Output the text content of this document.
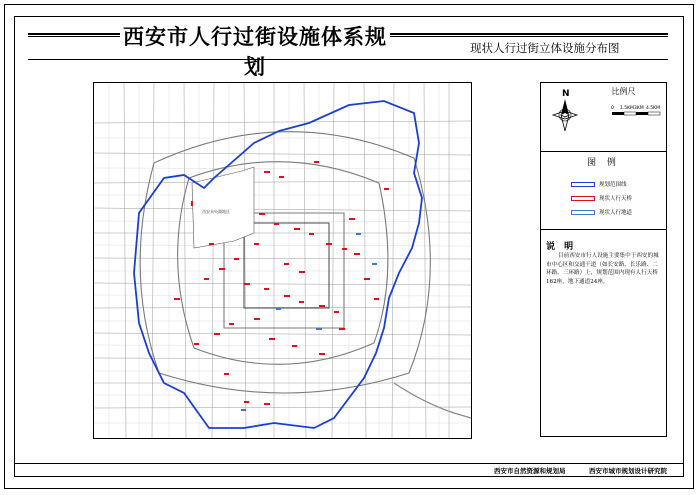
西安市人行过街设施体系规划
现状人行过街立体设施分布图
西安未央湖地区
N	比例尺
0 1.5KM 3KM 4.5KM
图 例
规划范围线
现状人行天桥
现状人行地道
说 明
目前西安市行人设施主要集中于西安的城市中心区和交通干道（如长安路、长乐路、二环路、三环路）上，规划范围内现有人行天桥162座，地下通道24座。
西安市自然资源和规划局	西安市城市规划设计研究院
